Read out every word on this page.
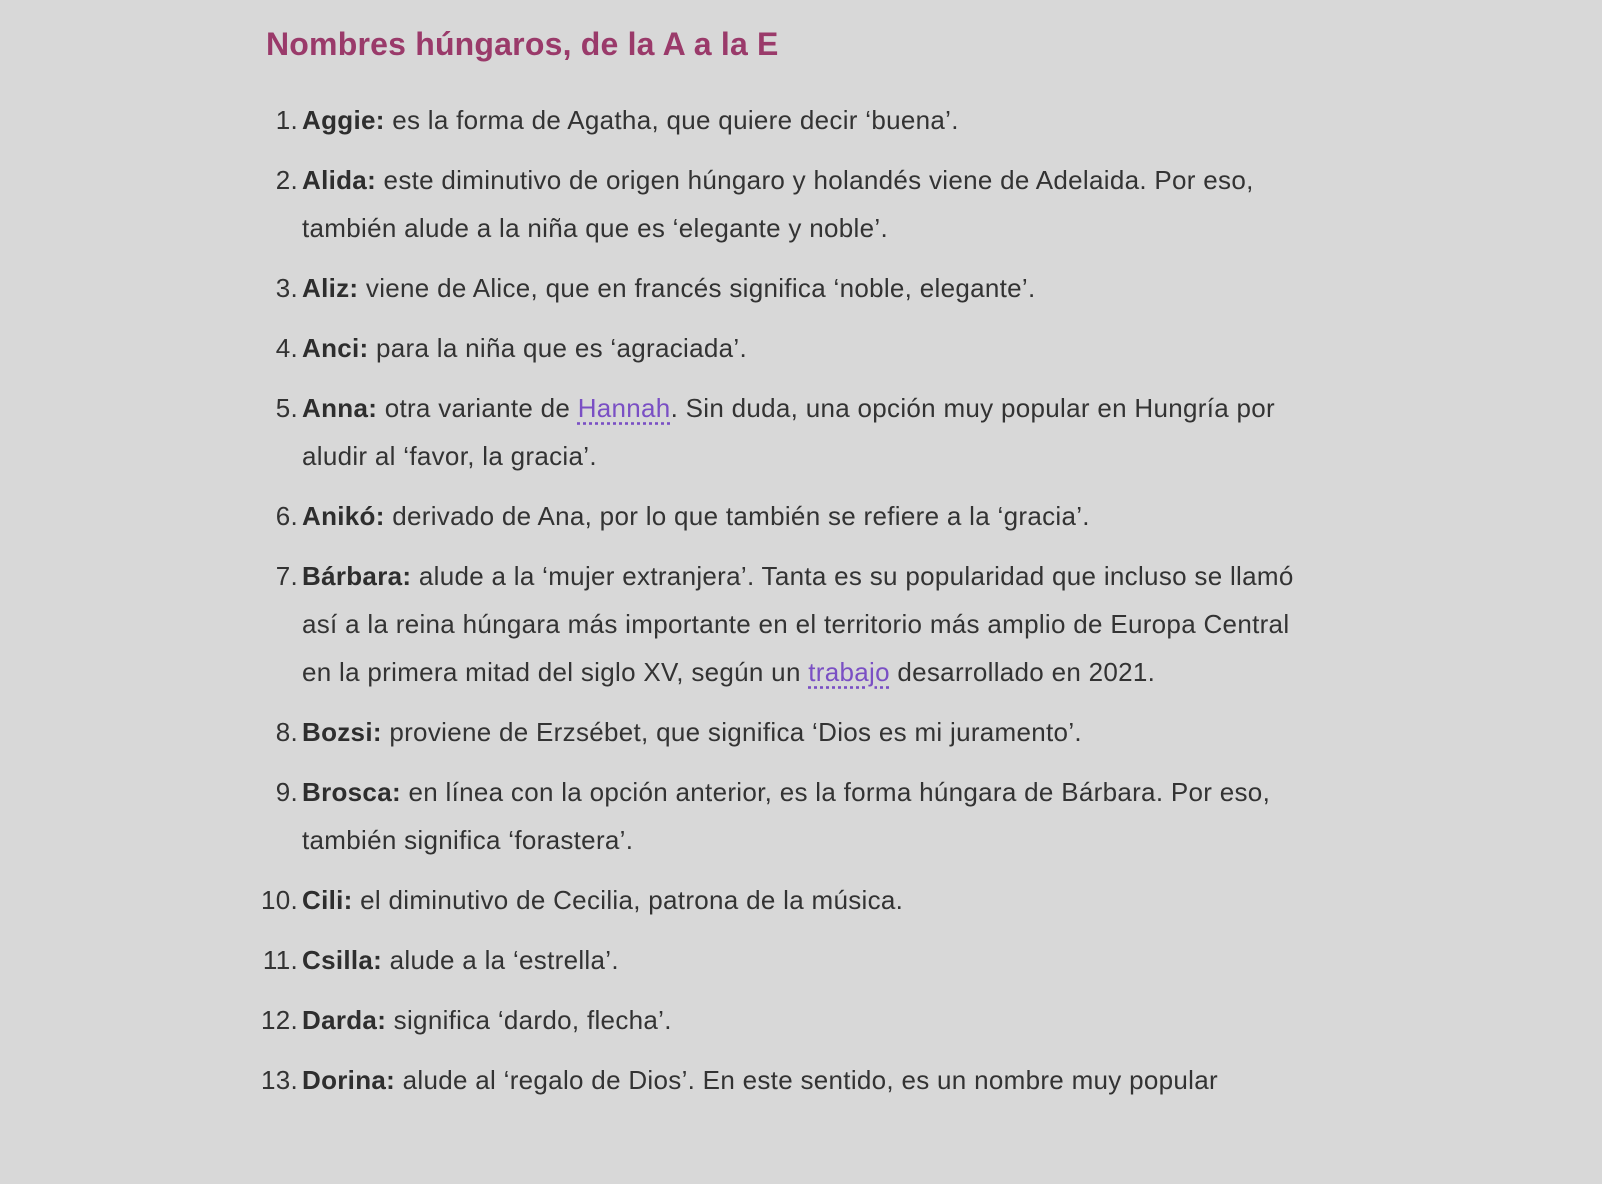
Nombres húngaros, de la A a la E
1. Aggie: es la forma de Agatha, que quiere decir ‘buena’.
2. Alida: este diminutivo de origen húngaro y holandés viene de Adelaida. Por eso, también alude a la niña que es ‘elegante y noble’.
3. Aliz: viene de Alice, que en francés significa ‘noble, elegante’.
4. Anci: para la niña que es ‘agraciada’.
5. Anna: otra variante de Hannah. Sin duda, una opción muy popular en Hungría por aludir al ‘favor, la gracia’.
6. Anikó: derivado de Ana, por lo que también se refiere a la ‘gracia’.
7. Bárbara: alude a la ‘mujer extranjera’. Tanta es su popularidad que incluso se llamó así a la reina húngara más importante en el territorio más amplio de Europa Central en la primera mitad del siglo XV, según un trabajo desarrollado en 2021.
8. Bozsi: proviene de Erzsébet, que significa ‘Dios es mi juramento’.
9. Brosca: en línea con la opción anterior, es la forma húngara de Bárbara. Por eso, también significa ‘forastera’.
10. Cili: el diminutivo de Cecilia, patrona de la música.
11. Csilla: alude a la ‘estrella’.
12. Darda: significa ‘dardo, flecha’.
13. Dorina: alude al ‘regalo de Dios’. En este sentido, es un nombre muy popular
